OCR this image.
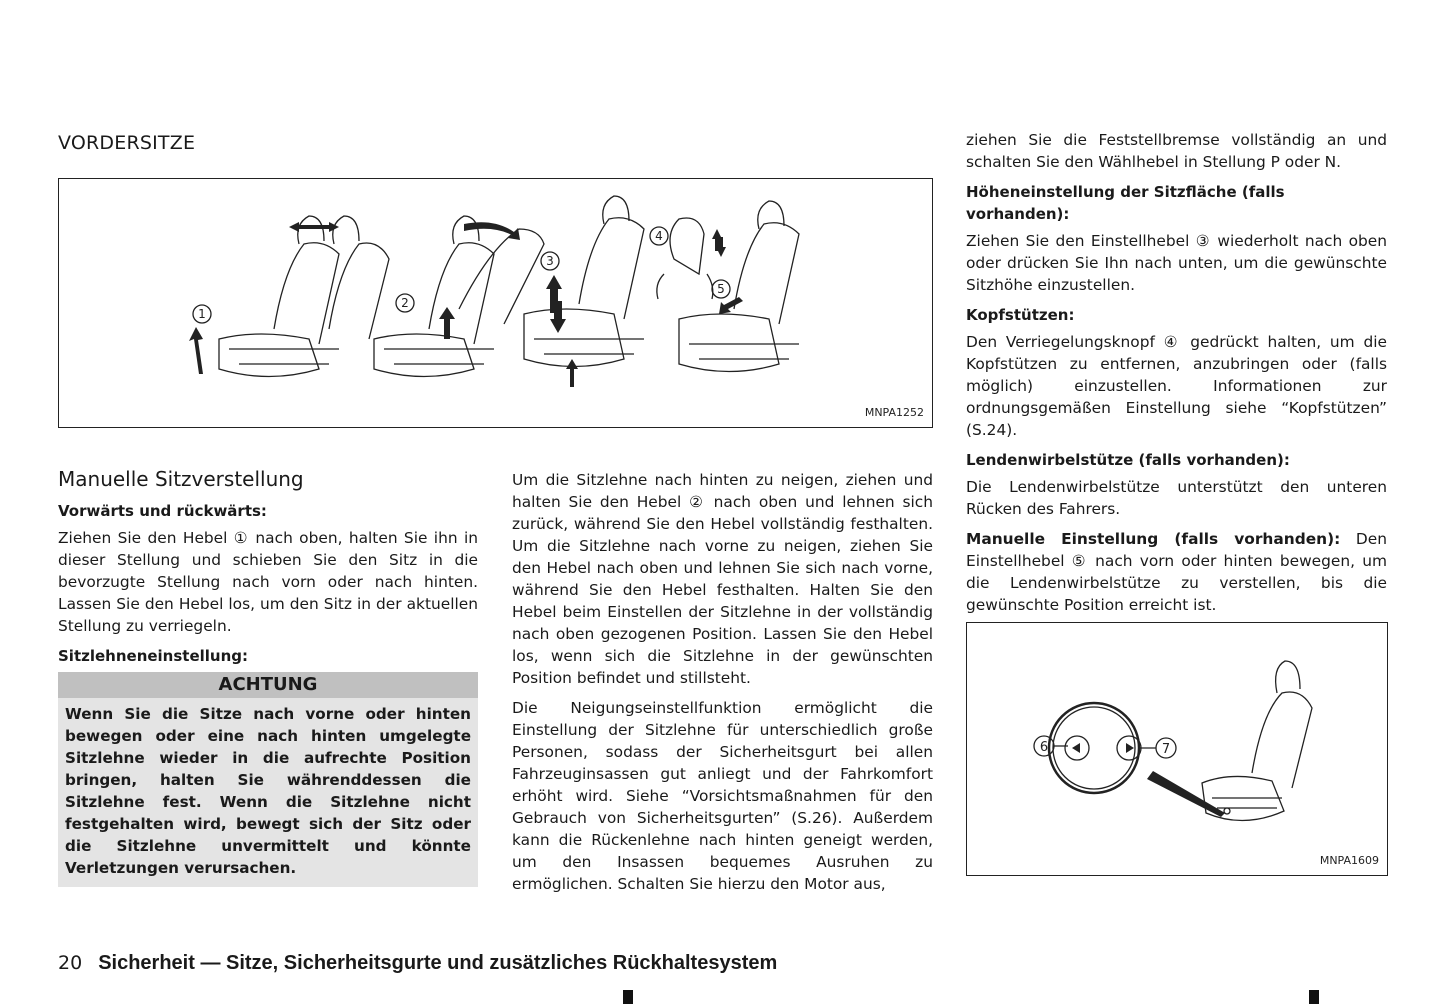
VORDERSITZE
1
2
3
4
5
MNPA1252
Manuelle Sitzverstellung
Vorwärts und rückwärts:

Ziehen Sie den Hebel ① nach oben, halten Sie ihn in dieser Stellung und schieben Sie den Sitz in die bevorzugte Stellung nach vorn oder nach hinten. Lassen Sie den Hebel los, um den Sitz in der aktuellen Stellung zu verriegeln.

Sitzlehneneinstellung:
ACHTUNG
Wenn Sie die Sitze nach vorne oder hinten bewegen oder eine nach hinten umgelegte Sitzlehne wieder in die aufrechte Position bringen, halten Sie währenddessen die Sitzlehne fest. Wenn die Sitzlehne nicht festgehalten wird, bewegt sich der Sitz oder die Sitzlehne unvermittelt und könnte Verletzungen verursachen.

Um die Sitzlehne nach hinten zu neigen, ziehen und halten Sie den Hebel ② nach oben und lehnen sich zurück, während Sie den Hebel vollständig festhalten. Um die Sitzlehne nach vorne zu neigen, ziehen Sie den Hebel nach oben und lehnen Sie sich nach vorne, während Sie den Hebel festhalten. Halten Sie den Hebel beim Einstellen der Sitzlehne in der vollständig nach oben gezogenen Position. Lassen Sie den Hebel los, wenn sich die Sitzlehne in der gewünschten Position befindet und stillsteht.

Die Neigungseinstellfunktion ermöglicht die Einstellung der Sitzlehne für unterschiedlich große Personen, sodass der Sicherheitsgurt bei allen Fahrzeuginsassen gut anliegt und der Fahrkomfort erhöht wird. Siehe “Vorsichtsmaßnahmen für den Gebrauch von Sicherheitsgurten” (S.26). Außerdem kann die Rückenlehne nach hinten geneigt werden, um den Insassen bequemes Ausruhen zu ermöglichen. Schalten Sie hierzu den Motor aus,

ziehen Sie die Feststellbremse vollständig an und schalten Sie den Wählhebel in Stellung P oder N.

Höheneinstellung der Sitzfläche (falls vorhanden):

Ziehen Sie den Einstellhebel ③ wiederholt nach oben oder drücken Sie Ihn nach unten, um die gewünschte Sitzhöhe einzustellen.

Kopfstützen:

Den Verriegelungsknopf ④ gedrückt halten, um die Kopfstützen zu entfernen, anzubringen oder (falls möglich) einzustellen. Informationen zur ordnungsgemäßen Einstellung siehe “Kopfstützen” (S.24).

Lendenwirbelstütze (falls vorhanden):

Die Lendenwirbelstütze unterstützt den unteren Rücken des Fahrers.

Manuelle Einstellung (falls vorhanden): Den Einstellhebel ⑤ nach vorn oder hinten bewegen, um die Lendenwirbelstütze zu verstellen, bis die gewünschte Position erreicht ist.

6	7
MNPA1609
20 Sicherheit — Sitze, Sicherheitsgurte und zusätzliches Rückhaltesystem
